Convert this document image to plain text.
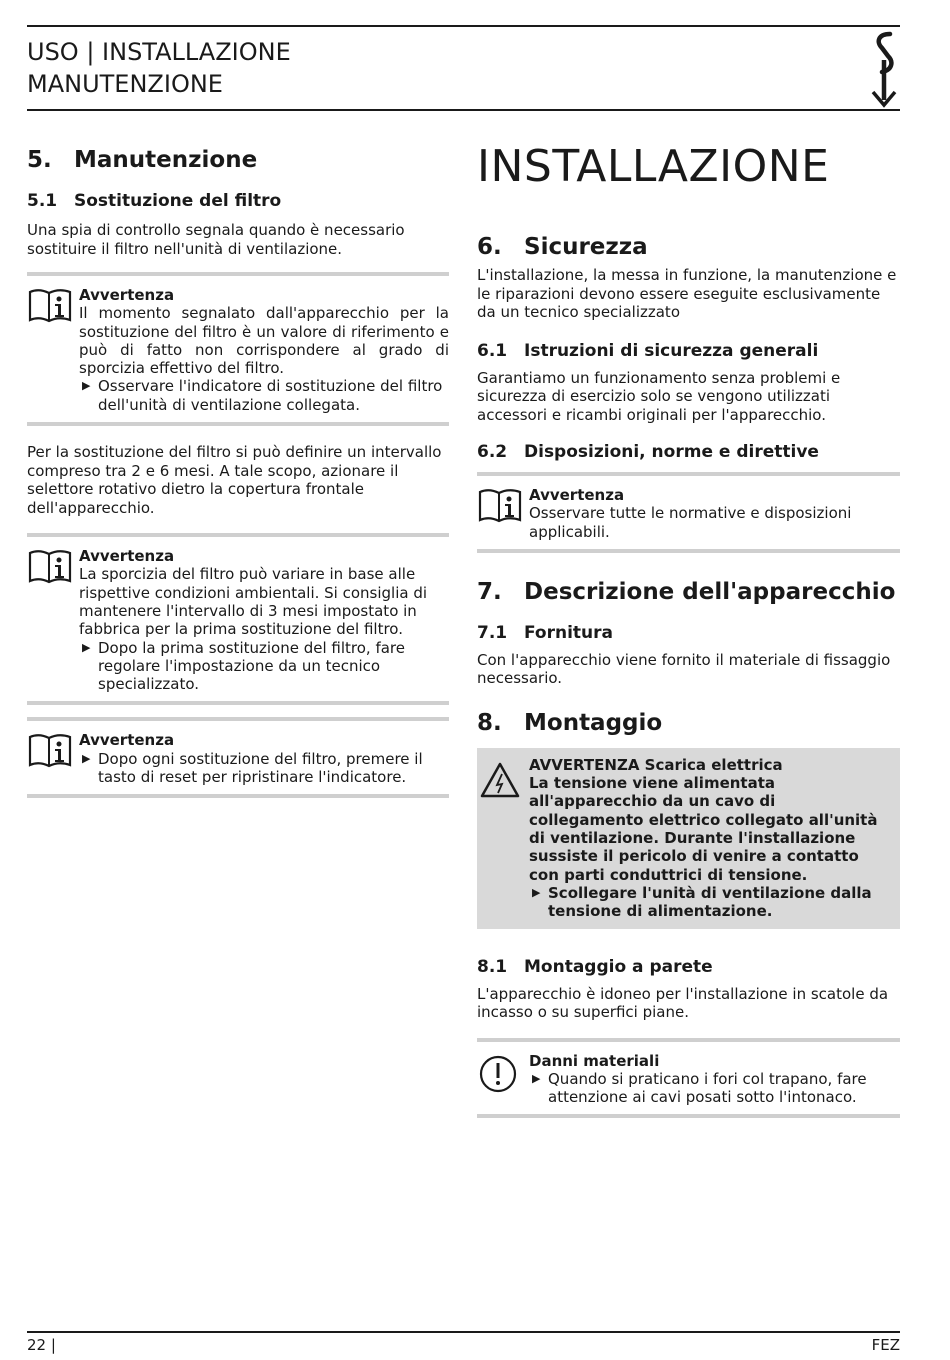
USO | INSTALLAZIONE
MANUTENZIONE
5. Manutenzione
5.1 Sostituzione del filtro

Una spia di controllo segnala quando è necessario sostituire il filtro nell'unità di ventilazione.

Avvertenza
Il momento segnalato dall'apparecchio per la sostituzione del filtro è un valore di riferimento e può di fatto non corrispondere al grado di sporcizia effettivo del filtro.
▶ Osservare l'indicatore di sostituzione del filtro dell'unità di ventilazione collegata.

Per la sostituzione del filtro si può definire un intervallo compreso tra 2 e 6 mesi. A tale scopo, azionare il selettore rotativo dietro la copertura frontale dell'apparecchio.

Avvertenza
La sporcizia del filtro può variare in base alle rispettive condizioni ambientali. Si consiglia di mantenere l'intervallo di 3 mesi impostato in fabbrica per la prima sostituzione del filtro.
▶ Dopo la prima sostituzione del filtro, fare regolare l'impostazione da un tecnico specializzato.
Avvertenza
▶ Dopo ogni sostituzione del filtro, premere il tasto di reset per ripristinare l'indicatore.
INSTALLAZIONE
6. Sicurezza

L'installazione, la messa in funzione, la manutenzione e le riparazioni devono essere eseguite esclusivamente da un tecnico specializzato

6.1 Istruzioni di sicurezza generali

Garantiamo un funzionamento senza problemi e sicurezza di esercizio solo se vengono utilizzati accessori e ricambi originali per l'apparecchio.

6.2 Disposizioni, norme e direttive
Avvertenza
Osservare tutte le normative e disposizioni applicabili.
7. Descrizione dell'apparecchio
7.1 Fornitura

Con l'apparecchio viene fornito il materiale di fissaggio necessario.

8. Montaggio
AVVERTENZA Scarica elettrica
La tensione viene alimentata all'apparecchio da un cavo di collegamento elettrico collegato all'unità di ventilazione. Durante l'installazione sussiste il pericolo di venire a contatto con parti conduttrici di tensione.
▶ Scollegare l'unità di ventilazione dalla tensione di alimentazione.
8.1 Montaggio a parete

L'apparecchio è idoneo per l'installazione in scatole da incasso o su superfici piane.

Danni materiali
▶ Quando si praticano i fori col trapano, fare attenzione ai cavi posati sotto l'intonaco.
22 |	FEZ
